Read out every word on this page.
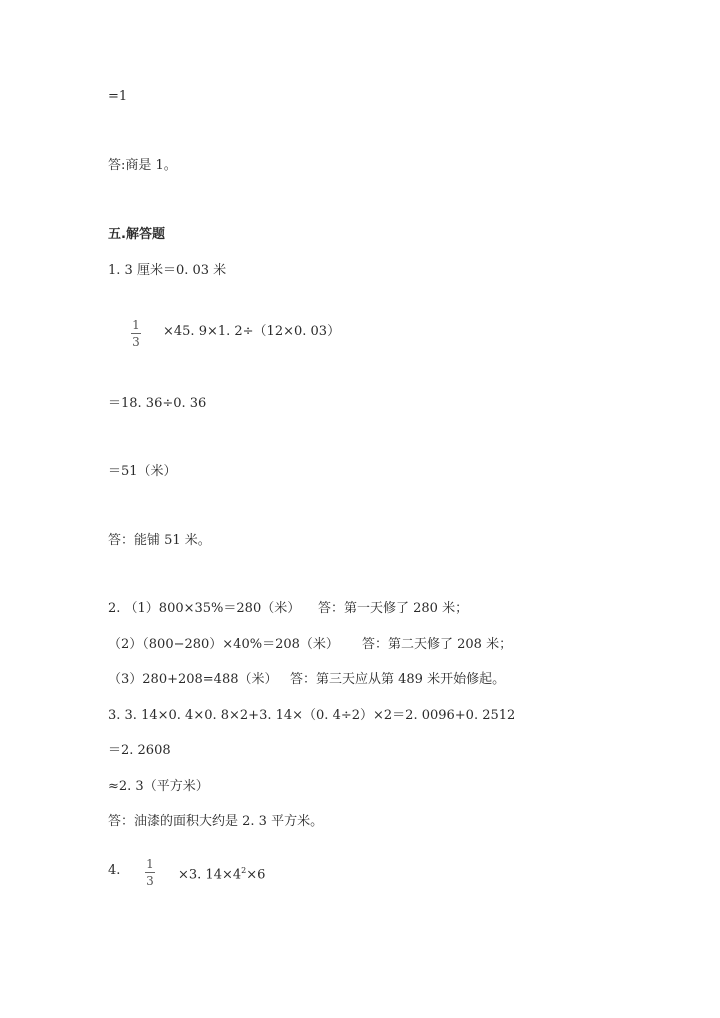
=1
答:商是 1。
五.解答题
1. 3 厘米＝0. 03 米
1
3
×45. 9×1. 2÷（12×0. 03）
＝18. 36÷0. 36
＝51（米）
答：能铺 51 米。
2. （1）800×35%＝280（米） 答：第一天修了 280 米；
（2）（800−280）×40%＝208（米） 答：第二天修了 208 米；
（3）280+208=488（米） 答：第三天应从第 489 米开始修起。
3. 3. 14×0. 4×0. 8×2+3. 14×（0. 4÷2）×2＝2. 0096+0. 2512
＝2. 2608
≈2. 3（平方米）
答：油漆的面积大约是 2. 3 平方米。
4. 1
3 ×3. $14\times 4^2\times 6$
